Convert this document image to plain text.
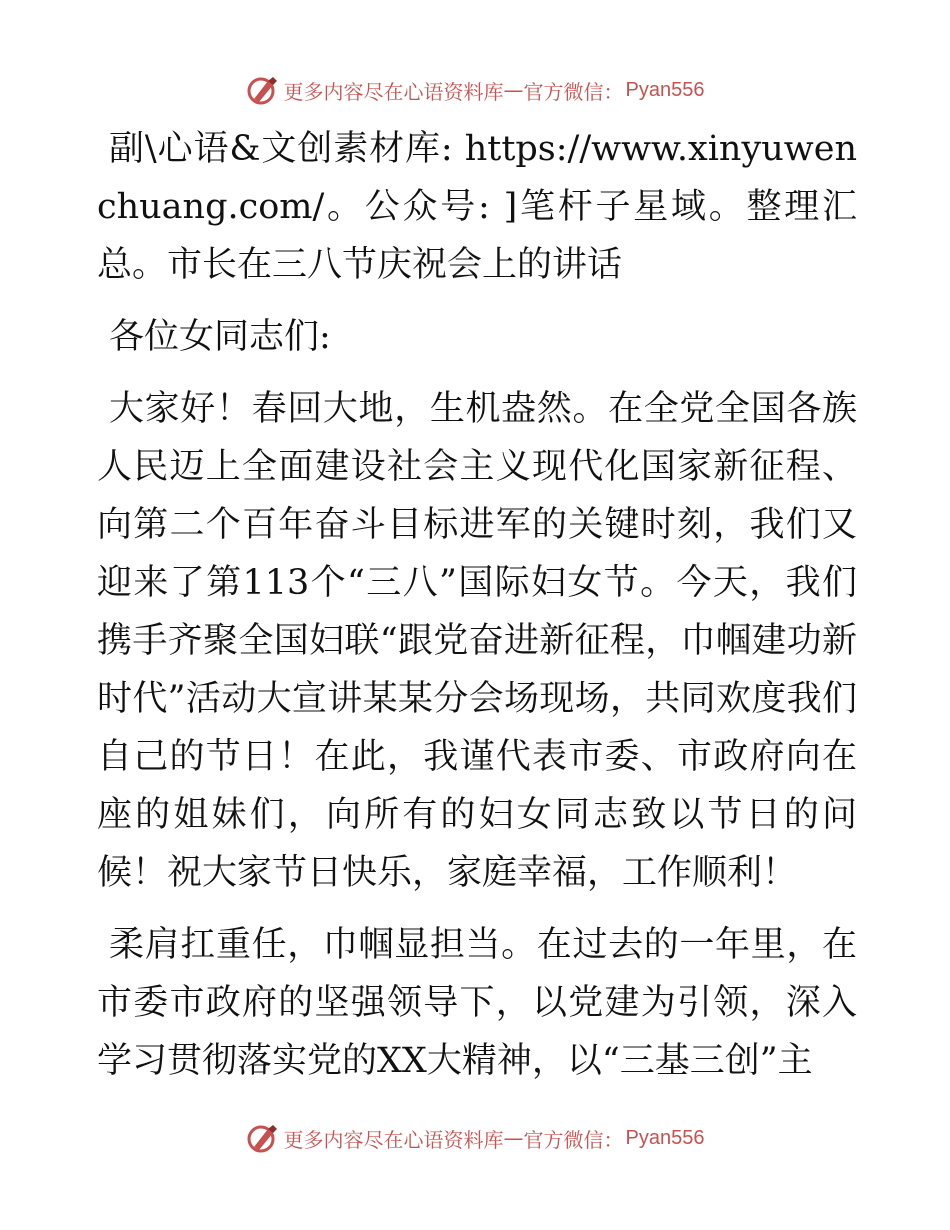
更多内容尽在心语资料库 — 官方微信： Pyan556

副\心语&文创素材库: https://www.xinyuwenchuang.com/。公众号: ]笔杆子星域。整理汇总。市长在三八节庆祝会上的讲话

各位女同志们:

大家好！春回大地，生机盎然。在全党全国各族人民迈上全面建设社会主义现代化国家新征程、向第二个百年奋斗目标进军的关键时刻，我们又迎来了第113个“三八”国际妇女节。今天，我们携手齐聚全国妇联“跟党奋进新征程，巾帼建功新时代”活动大宣讲某某分会场现场，共同欢度我们自己的节日！在此，我谨代表市委、市政府向在座的姐妹们，向所有的妇女同志致以节日的问候！祝大家节日快乐，家庭幸福，工作顺利！

柔肩扛重任，巾帼显担当。在过去的一年里，在市委市政府的坚强领导下，以党建为引领，深入学习贯彻落实党的XX大精神，以“三基三创”主

更多内容尽在心语资料库 — 官方微信： Pyan556
